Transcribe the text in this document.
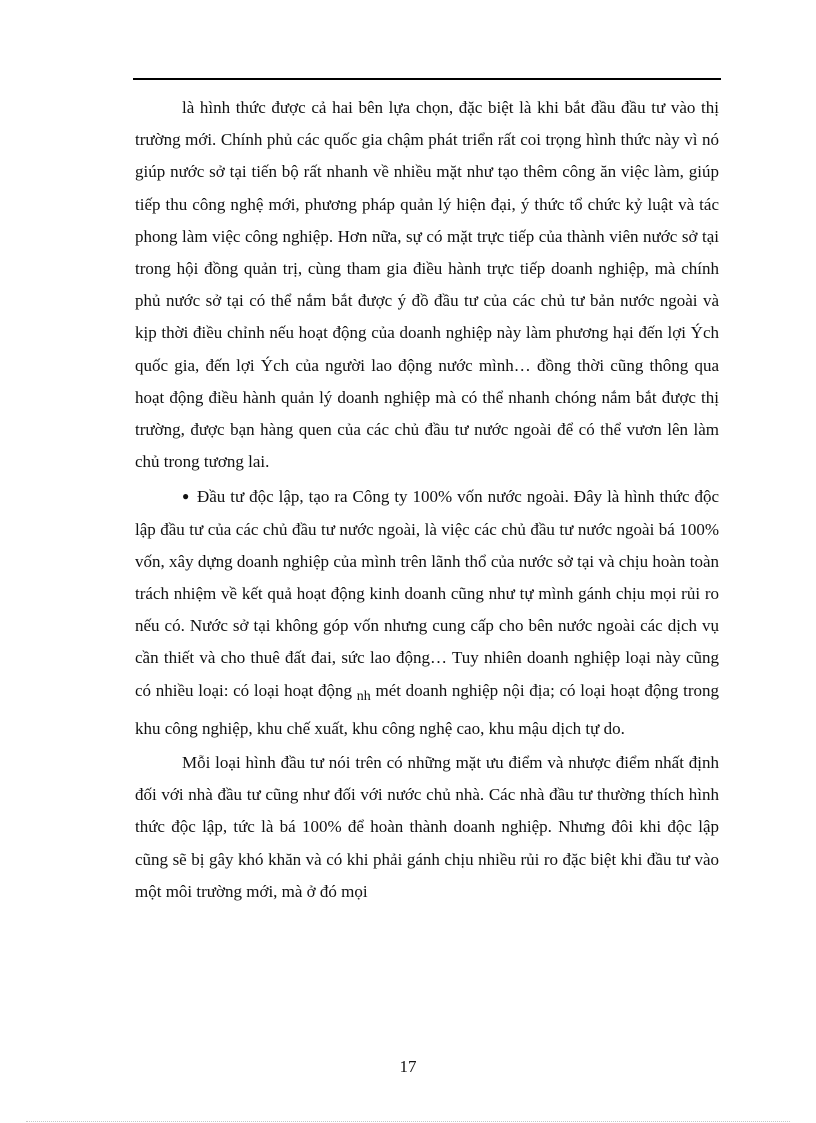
là hình thức được cả hai bên lựa chọn, đặc biệt là khi bắt đầu đầu tư vào thị trường mới. Chính phủ các quốc gia chậm phát triển rất coi trọng hình thức này vì nó giúp nước sở tại tiến bộ rất nhanh về nhiều mặt như tạo thêm công ăn việc làm, giúp tiếp thu công nghệ mới, phương pháp quản lý hiện đại, ý thức tổ chức kỷ luật và tác phong làm việc công nghiệp. Hơn nữa, sự có mặt trực tiếp của thành viên nước sở tại trong hội đồng quản trị, cùng tham gia điều hành trực tiếp doanh nghiệp, mà chính phủ nước sở tại có thể nắm bắt được ý đồ đầu tư của các chủ tư bản nước ngoài và kịp thời điều chỉnh nếu hoạt động của doanh nghiệp này làm phương hại đến lợi Ých quốc gia, đến lợi Ých của người lao động nước mình… đồng thời cũng thông qua hoạt động điều hành quản lý doanh nghiệp mà có thể nhanh chóng nắm bắt được thị trường, được bạn hàng quen của các chủ đầu tư nước ngoài để có thể vươn lên làm chủ trong tương lai.

● Đầu tư độc lập, tạo ra Công ty 100% vốn nước ngoài. Đây là hình thức độc lập đầu tư của các chủ đầu tư nước ngoài, là việc các chủ đầu tư nước ngoài bá 100% vốn, xây dựng doanh nghiệp của mình trên lãnh thổ của nước sở tại và chịu hoàn toàn trách nhiệm về kết quả hoạt động kinh doanh cũng như tự mình gánh chịu mọi rủi ro nếu có. Nước sở tại không góp vốn nhưng cung cấp cho bên nước ngoài các dịch vụ cần thiết và cho thuê đất đai, sức lao động… Tuy nhiên doanh nghiệp loại này cũng có nhiều loại: có loại hoạt động $_{nh}$ mét doanh nghiệp nội địa; có loại hoạt động trong khu công nghiệp, khu chế xuất, khu công nghệ cao, khu mậu dịch tự do.

Mỗi loại hình đầu tư nói trên có những mặt ưu điểm và nhược điểm nhất định đối với nhà đầu tư cũng như đối với nước chủ nhà. Các nhà đầu tư thường thích hình thức độc lập, tức là bá 100% để hoàn thành doanh nghiệp. Nhưng đôi khi độc lập cũng sẽ bị gây khó khăn và có khi phải gánh chịu nhiều rủi ro đặc biệt khi đầu tư vào một môi trường mới, mà ở đó mọi

17
